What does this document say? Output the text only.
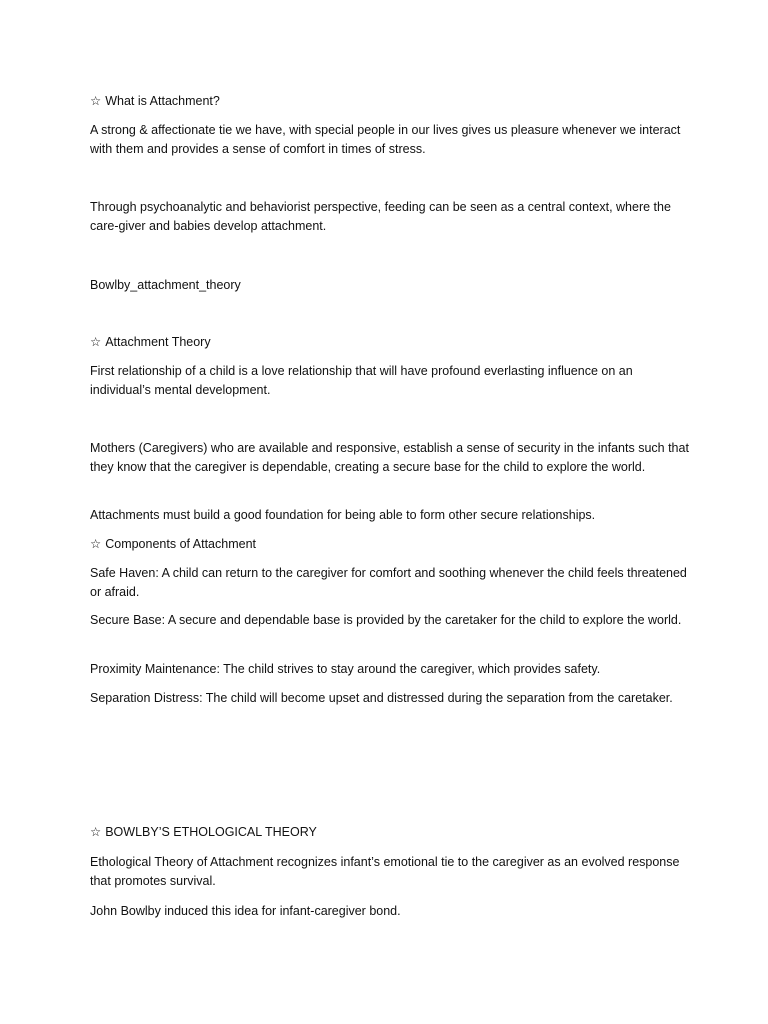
☆ What is Attachment?

A strong & affectionate tie we have, with special people in our lives gives us pleasure whenever we interact with them and provides a sense of comfort in times of stress.

Through psychoanalytic and behaviorist perspective, feeding can be seen as a central context, where the care-giver and babies develop attachment.

Bowlby_attachment_theory

☆ Attachment Theory

First relationship of a child is a love relationship that will have profound everlasting influence on an individual’s mental development.

Mothers (Caregivers) who are available and responsive, establish a sense of security in the infants such that they know that the caregiver is dependable, creating a secure base for the child to explore the world.

Attachments must build a good foundation for being able to form other secure relationships.

☆ Components of Attachment

Safe Haven: A child can return to the caregiver for comfort and soothing whenever the child feels threatened or afraid.

Secure Base: A secure and dependable base is provided by the caretaker for the child to explore the world.

Proximity Maintenance: The child strives to stay around the caregiver, which provides safety.

Separation Distress: The child will become upset and distressed during the separation from the caretaker.

☆ BOWLBY’S ETHOLOGICAL THEORY

Ethological Theory of Attachment recognizes infant’s emotional tie to the caregiver as an evolved response that promotes survival.

John Bowlby induced this idea for infant-caregiver bond.
